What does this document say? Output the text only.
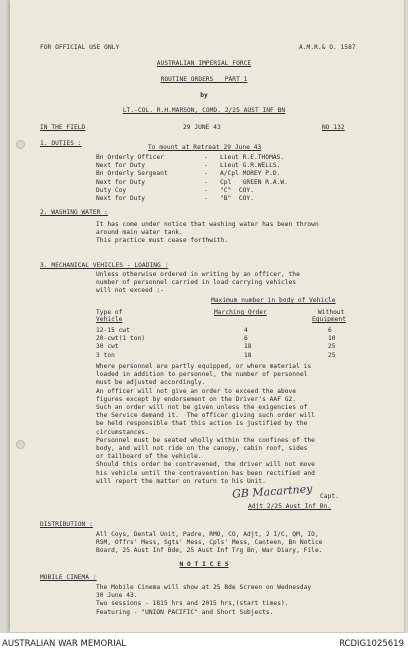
FOR OFFICIAL USE ONLY	A.M.R.& O. 1587
AUSTRALIAN IMPERIAL FORCE
ROUTINE ORDERS   PART 1
by
LT.-COL. R.H.MARSON, COMD. 2/25 AUST INF BN
IN THE FIELD	29 JUNE 43	NO 132
1. DUTIES :
To mount at Retreat 29 June 43
Bn Orderly Officer	- Lieut R.E.THOMAS.
Next for Duty	- Lieut G.R.WELLS.
Bn Orderly Sergeant	- A/Cpl MOREY P.D.
Next for Duty	- Cpl   GREEN R.A.W.
Duty Coy	- "C"  COY.
Next for Duty	- "B"  COY.
2. WASHING WATER :
It has come under notice that washing water has been thrown
around main water tank.
This practice must cease forthwith.
3. MECHANICAL VEHICLES - LOADING :
Unless otherwise ordered in writing by an officer, the
number of personnel carried in load carrying vehicles
will not exceed :-
Maximum number in body of Vehicle
Type of
Vehicle
Marching Order	Without
Equipment
12-15 cwt	4	6
20-cwt(1 ton)	6	10
30 cwt	18	25
3 ton	18	25
Where personnel are partly equipped, or where material is
loaded in addition to personnel, the number of personnel
must be adjusted accordingly.
An officer will not give an order to exceed the above
figures except by endorsement on the Driver's AAF G2.
Such an order will not be given unless the exigencies of
the Service demand it.  The officer giving such order will
be held responsible that this action is justified by the
circumstances.
Personnel must be seated wholly within the confines of the
body, and will not ride on the canopy, cabin roof, sides
or tailboard of the vehicle.
Should this order be contravened, the driver will not move
his vehicle until the contravention has been rectified and
will report the matter on return to his Unit.
GB Macartney Capt.
Adjt 2/25 Aust Inf Bn.
DISTRIBUTION :
All Coys, Dental Unit, Padre, RMO, CO, Adjt, 2 I/C, QM, IO,
RSM, Offrs' Mess, Sgts' Mess, Cpls' Mess, Canteen, Bn Notice
Board, 25 Aust Inf Bde, 25 Aust Inf Trg Bn, War Diary, File.
N O T I C E S
MOBILE CINEMA :
The Mobile Cinema will show at 25 Bde Screen on Wednesday
30 June 43.
Two sessions - 1815 hrs and 2015 hrs,(start times).
Featuring - "UNION PACIFIC" and Short Subjects.
AUSTRALIAN WAR MEMORIAL	RCDIG1025619
